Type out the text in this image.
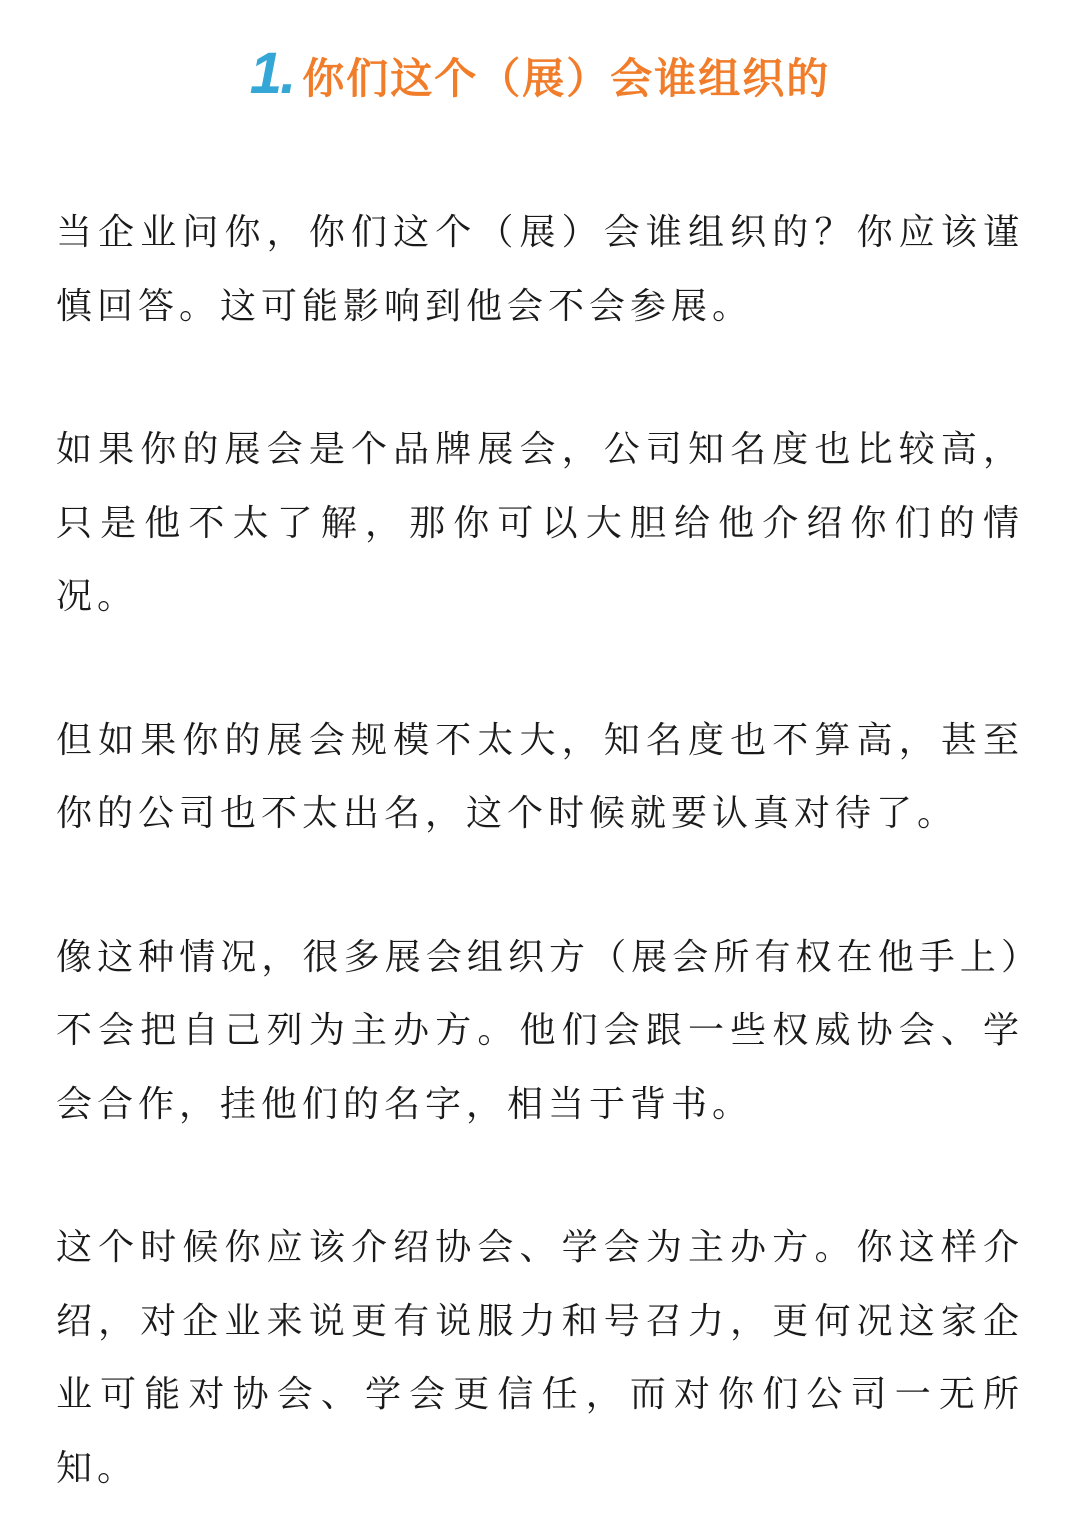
1 . 你们这个（展）会谁组织的

当企业问你，你们这个（展）会谁组织的？你应该谨慎回答。这可能影响到他会不会参展。

如果你的展会是个品牌展会，公司知名度也比较高，只是他不太了解，那你可以大胆给他介绍你们的情况。

但如果你的展会规模不太大，知名度也不算高，甚至你的公司也不太出名，这个时候就要认真对待了。

像这种情况，很多展会组织方（展会所有权在他手上）不会把自己列为主办方。他们会跟一些权威协会、学会合作，挂他们的名字，相当于背书。

这个时候你应该介绍协会、学会为主办方。你这样介绍，对企业来说更有说服力和号召力，更何况这家企业可能对协会、学会更信任，而对你们公司一无所知。
